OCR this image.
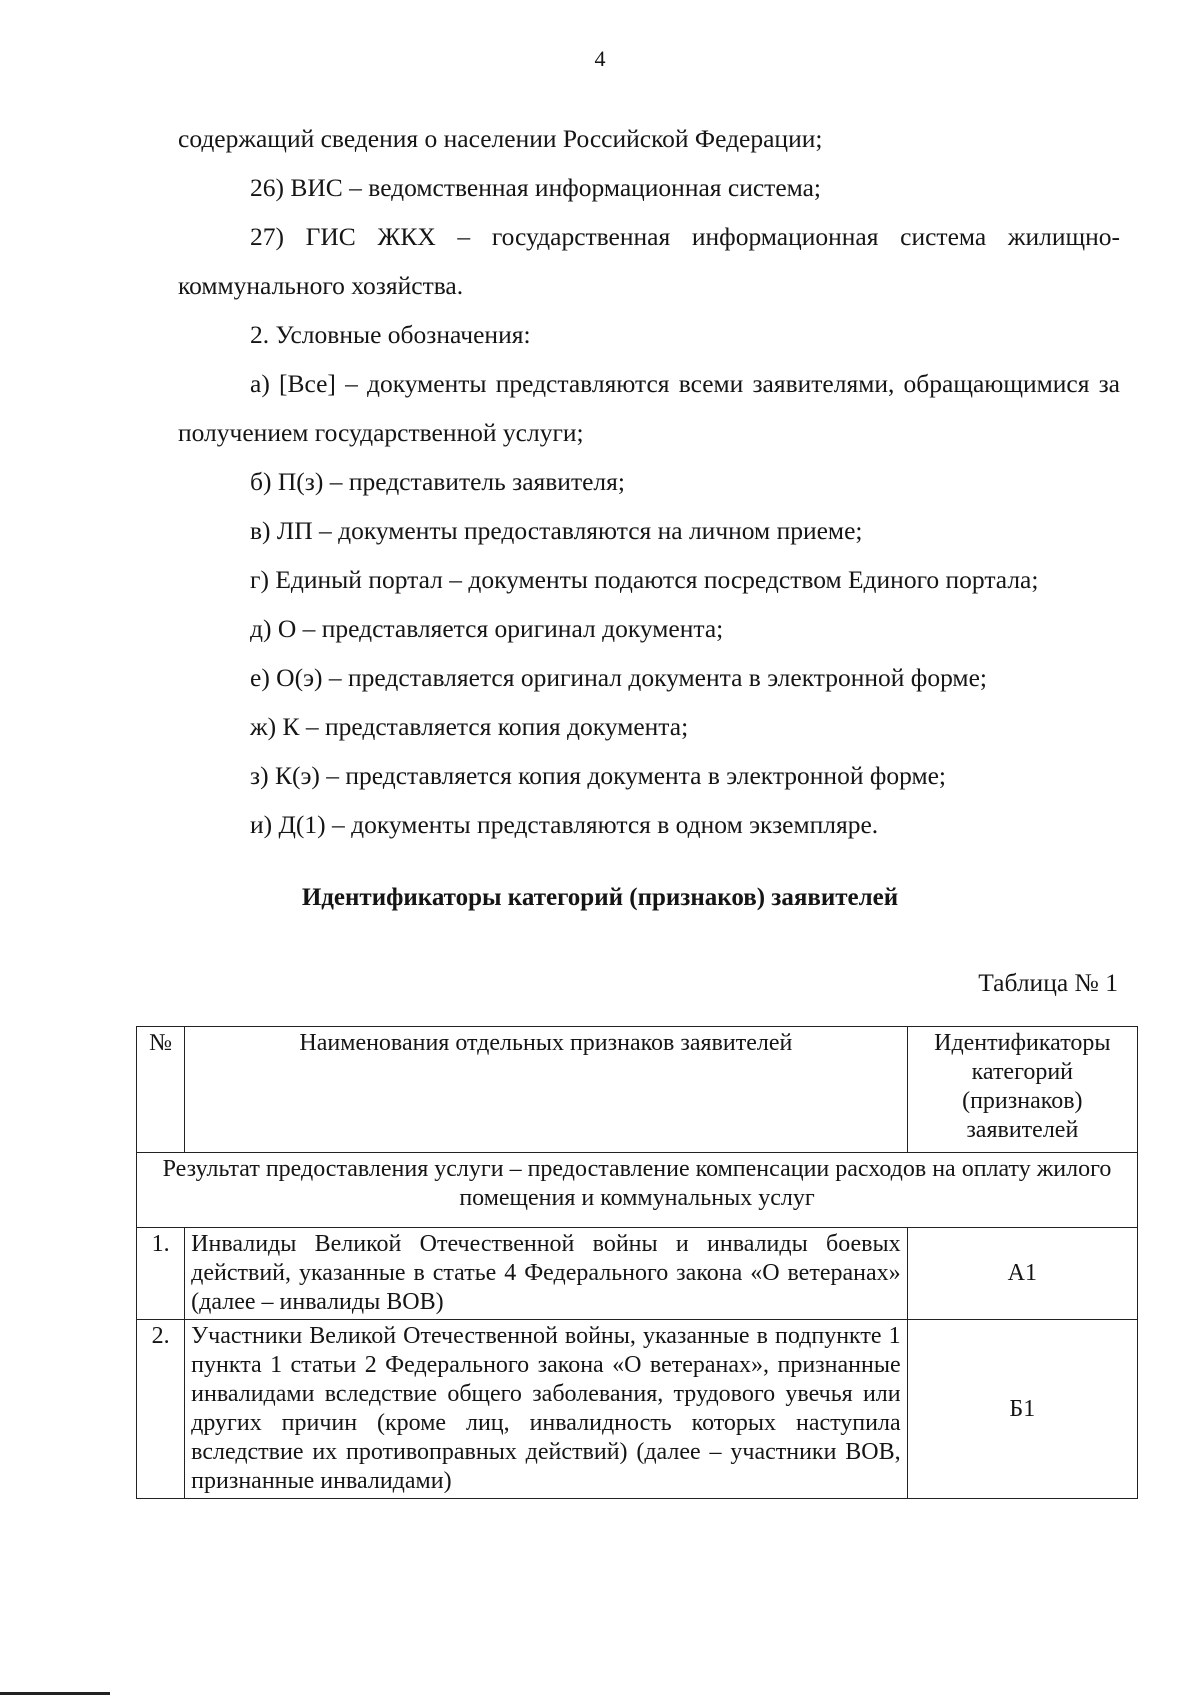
4

содержащий сведения о населении Российской Федерации;

26) ВИС – ведомственная информационная система;

27) ГИС ЖКХ – государственная информационная система жилищно-коммунального хозяйства.

2. Условные обозначения:

а) [Все] – документы представляются всеми заявителями, обращающимися за получением государственной услуги;

б) П(з) – представитель заявителя;

в) ЛП – документы предоставляются на личном приеме;

г) Единый портал – документы подаются посредством Единого портала;

д) О – представляется оригинал документа;

е) О(э) – представляется оригинал документа в электронной форме;

ж) К – представляется копия документа;

з) К(э) – представляется копия документа в электронной форме;

и) Д(1) – документы представляются в одном экземпляре.

Идентификаторы категорий (признаков) заявителей
Таблица № 1
№	Наименования отдельных признаков заявителей	Идентификаторы категорий (признаков) заявителей
Результат предоставления услуги – предоставление компенсации расходов на оплату жилого помещения и коммунальных услуг		
1.	Инвалиды Великой Отечественной войны и инвалиды боевых действий, указанные в статье 4 Федерального закона «О ветеранах» (далее – инвалиды ВОВ)	А1
2.	Участники Великой Отечественной войны, указанные в подпункте 1 пункта 1 статьи 2 Федерального закона «О ветеранах», признанные инвалидами вследствие общего заболевания, трудового увечья или других причин (кроме лиц, инвалидность которых наступила вследствие их противоправных действий) (далее – участники ВОВ, признанные инвалидами)	Б1
